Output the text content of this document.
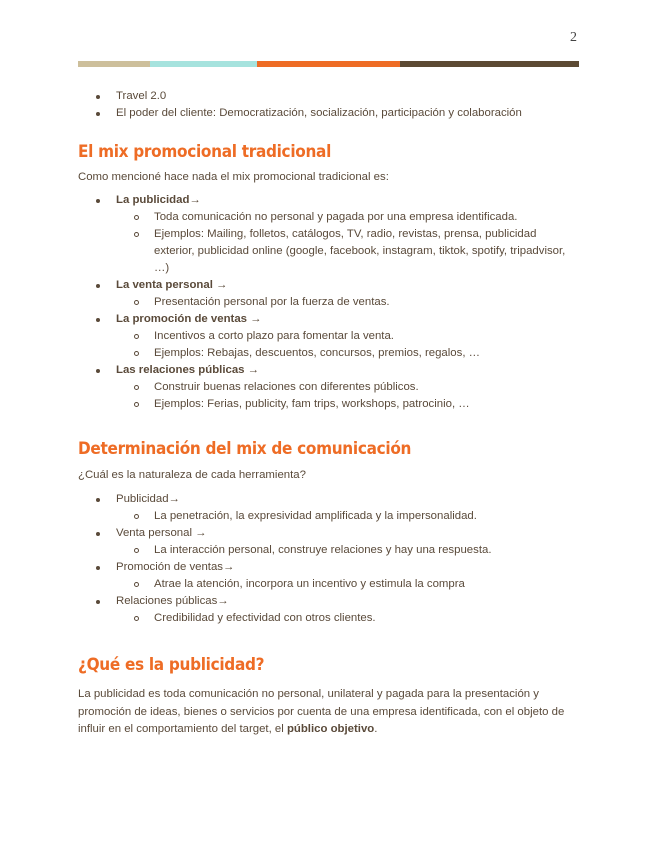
2
Travel 2.0
El poder del cliente: Democratización, socialización, participación y colaboración
El mix promocional tradicional

Como mencioné hace nada el mix promocional tradicional es:

La publicidad→
Toda comunicación no personal y pagada por una empresa identificada.
Ejemplos: Mailing, folletos, catálogos, TV, radio, revistas, prensa, publicidad exterior, publicidad online (google, facebook, instagram, tiktok, spotify, tripadvisor, …)
La venta personal →
Presentación personal por la fuerza de ventas.
La promoción de ventas →
Incentivos a corto plazo para fomentar la venta.
Ejemplos: Rebajas, descuentos, concursos, premios, regalos, …
Las relaciones públicas →
Construir buenas relaciones con diferentes públicos.
Ejemplos: Ferias, publicity, fam trips, workshops, patrocinio, …
Determinación del mix de comunicación

¿Cuál es la naturaleza de cada herramienta?

Publicidad→
La penetración, la expresividad amplificada y la impersonalidad.
Venta personal →
La interacción personal, construye relaciones y hay una respuesta.
Promoción de ventas→
Atrae la atención, incorpora un incentivo y estimula la compra
Relaciones públicas→
Credibilidad y efectividad con otros clientes.
¿Qué es la publicidad?

La publicidad es toda comunicación no personal, unilateral y pagada para la presentación y promoción de ideas, bienes o servicios por cuenta de una empresa identificada, con el objeto de influir en el comportamiento del target, el público objetivo.
